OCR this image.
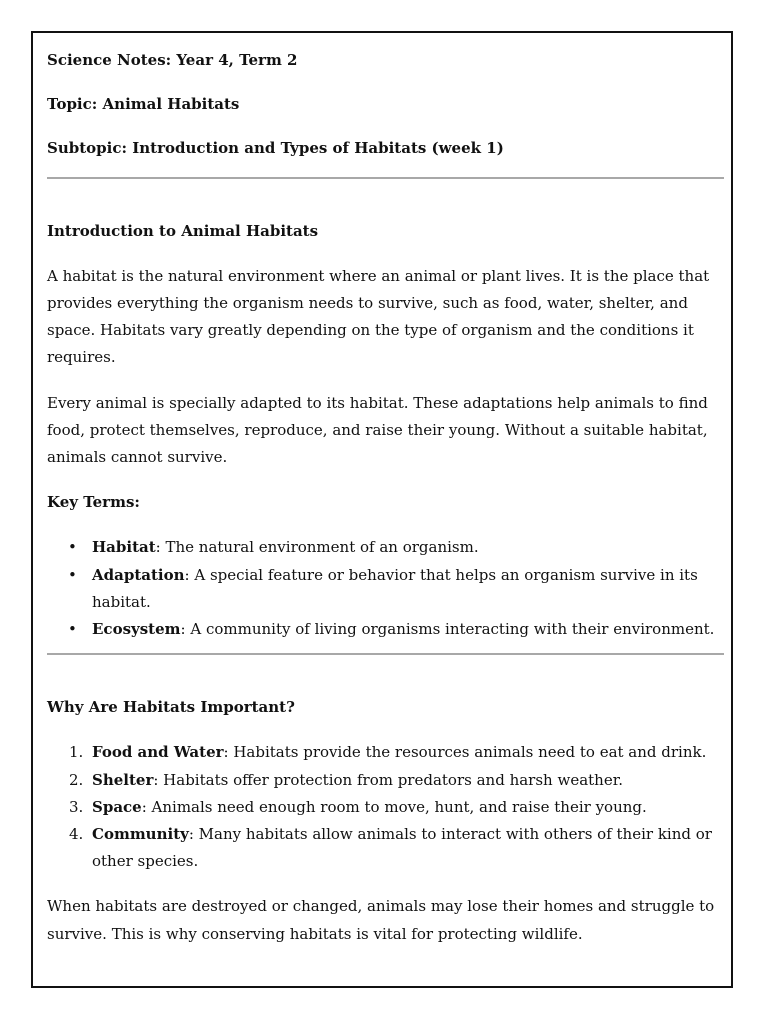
Science Notes: Year 4, Term 2
Topic: Animal Habitats
Subtopic: Introduction and Types of Habitats (week 1)
Introduction to Animal Habitats

A habitat is the natural environment where an animal or plant lives. It is the place that provides everything the organism needs to survive, such as food, water, shelter, and space. Habitats vary greatly depending on the type of organism and the conditions it requires.

Every animal is specially adapted to its habitat. These adaptations help animals to find food, protect themselves, reproduce, and raise their young. Without a suitable habitat, animals cannot survive.

Key Terms:
• Habitat: The natural environment of an organism.
• Adaptation: A special feature or behavior that helps an organism survive in its habitat.
• Ecosystem: A community of living organisms interacting with their environment.
Why Are Habitats Important?
1. Food and Water: Habitats provide the resources animals need to eat and drink.
2. Shelter: Habitats offer protection from predators and harsh weather.
3. Space: Animals need enough room to move, hunt, and raise their young.
4. Community: Many habitats allow animals to interact with others of their kind or other species.

When habitats are destroyed or changed, animals may lose their homes and struggle to survive. This is why conserving habitats is vital for protecting wildlife.
